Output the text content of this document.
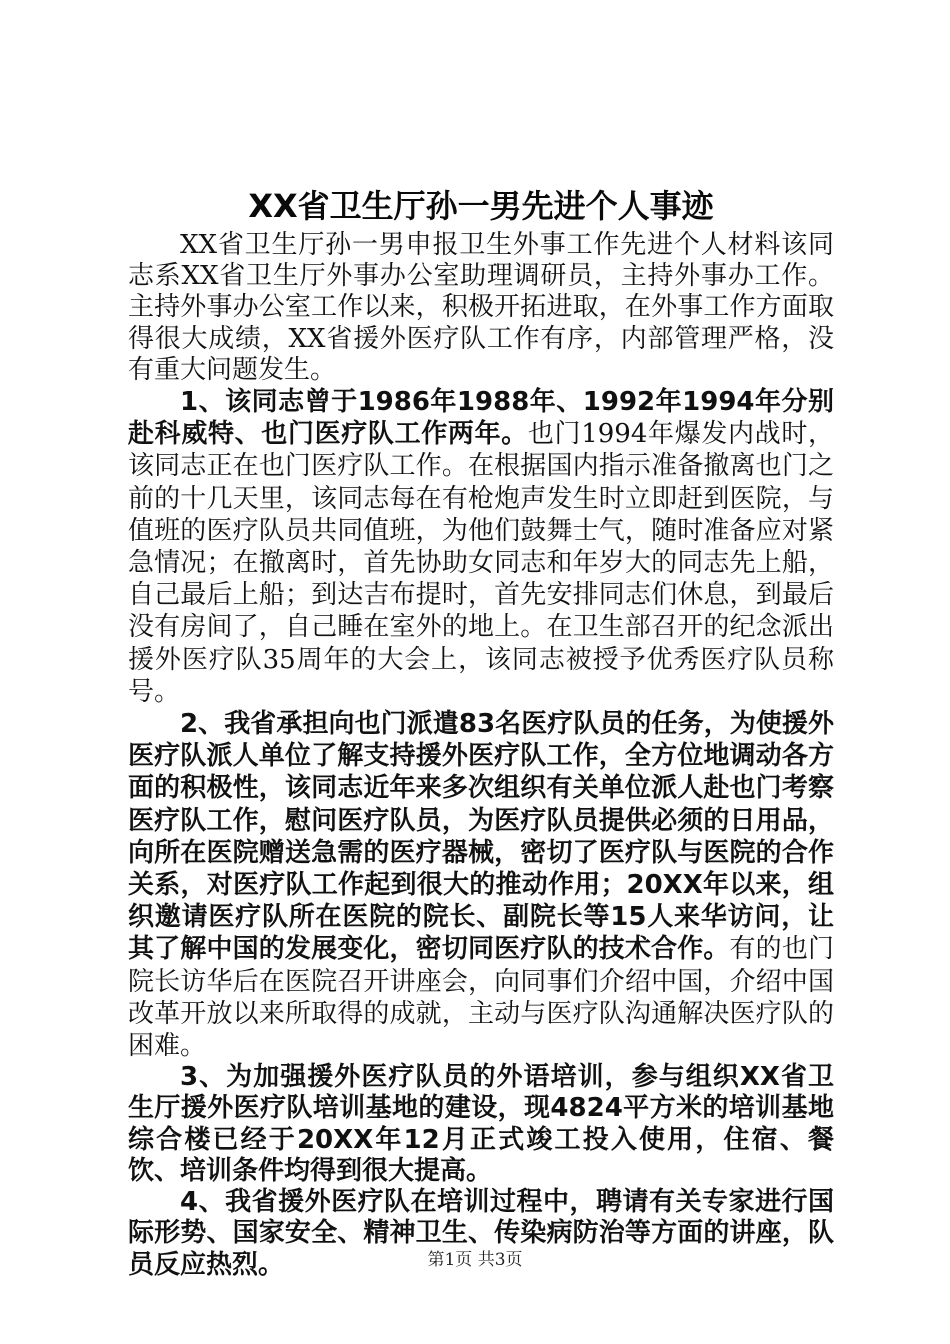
XX省卫生厅孙一男先进个人事迹

XX省卫生厅孙一男申报卫生外事工作先进个人材料该同志系XX省卫生厅外事办公室助理调研员，主持外事办工作。主持外事办公室工作以来，积极开拓进取，在外事工作方面取得很大成绩，XX省援外医疗队工作有序，内部管理严格，没有重大问题发生。

1、该同志曾于1986年1988年、1992年1994年分别赴科威特、也门医疗队工作两年。也门1994年爆发内战时，该同志正在也门医疗队工作。在根据国内指示准备撤离也门之前的十几天里，该同志每在有枪炮声发生时立即赶到医院，与值班的医疗队员共同值班，为他们鼓舞士气，随时准备应对紧急情况；在撤离时，首先协助女同志和年岁大的同志先上船，自己最后上船；到达吉布提时，首先安排同志们休息，到最后没有房间了，自己睡在室外的地上。在卫生部召开的纪念派出援外医疗队35周年的大会上，该同志被授予优秀医疗队员称号。

2、我省承担向也门派遣83名医疗队员的任务，为使援外医疗队派人单位了解支持援外医疗队工作，全方位地调动各方面的积极性，该同志近年来多次组织有关单位派人赴也门考察医疗队工作，慰问医疗队员，为医疗队员提供必须的日用品，向所在医院赠送急需的医疗器械，密切了医疗队与医院的合作关系，对医疗队工作起到很大的推动作用；20XX年以来，组织邀请医疗队所在医院的院长、副院长等15人来华访问，让其了解中国的发展变化，密切同医疗队的技术合作。有的也门院长访华后在医院召开讲座会，向同事们介绍中国，介绍中国改革开放以来所取得的成就，主动与医疗队沟通解决医疗队的困难。

3、为加强援外医疗队员的外语培训，参与组织XX省卫生厅援外医疗队培训基地的建设，现4824平方米的培训基地综合楼已经于20XX年12月正式竣工投入使用，住宿、餐饮、培训条件均得到很大提高。

4、我省援外医疗队在培训过程中，聘请有关专家进行国际形势、国家安全、精神卫生、传染病防治等方面的讲座，队员反应热烈。	第1页 共3页
